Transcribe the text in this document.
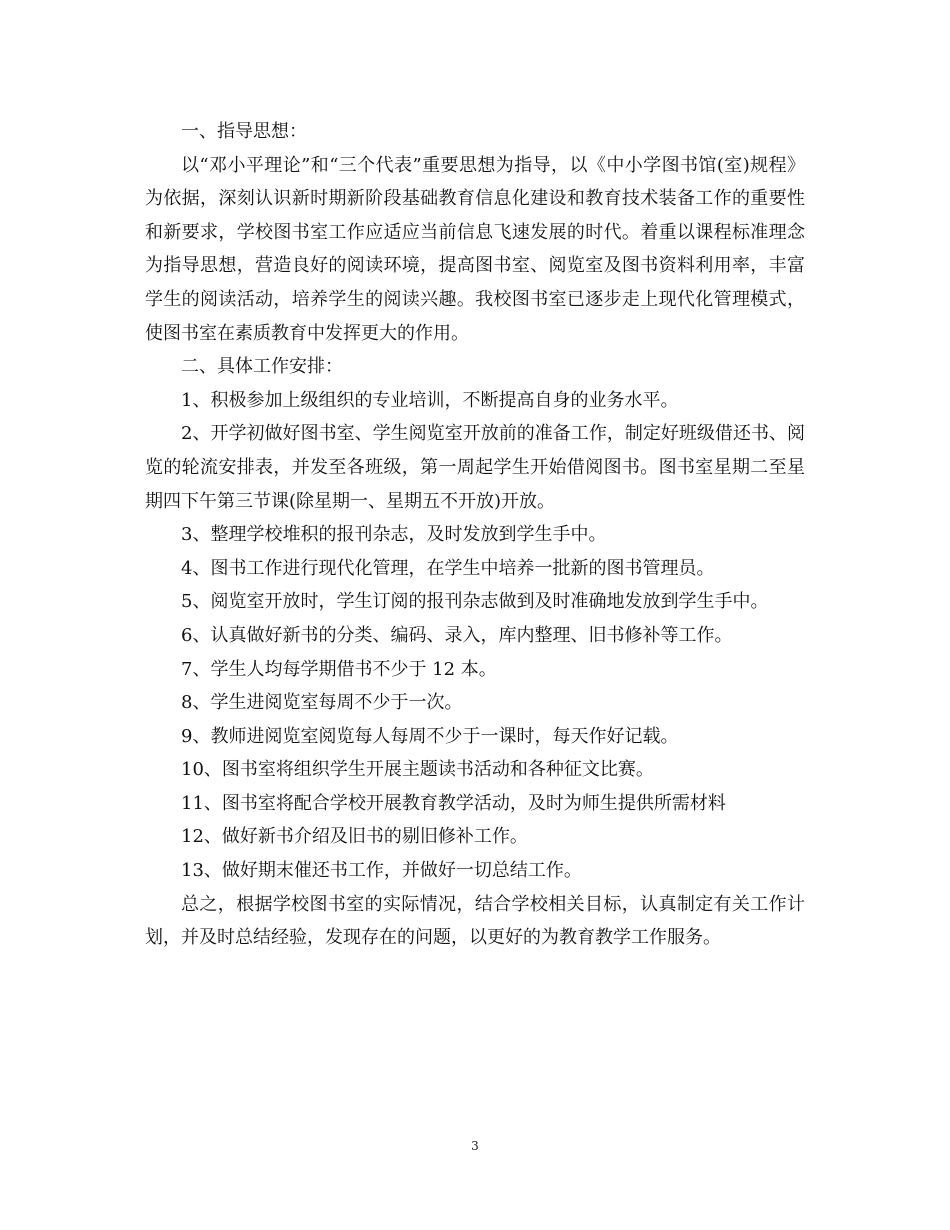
一、指导思想：

以“邓小平理论”和“三个代表”重要思想为指导，以《中小学图书馆(室)规程》为依据，深刻认识新时期新阶段基础教育信息化建设和教育技术装备工作的重要性和新要求，学校图书室工作应适应当前信息飞速发展的时代。着重以课程标准理念为指导思想，营造良好的阅读环境，提高图书室、阅览室及图书资料利用率，丰富学生的阅读活动，培养学生的阅读兴趣。我校图书室已逐步走上现代化管理模式，使图书室在素质教育中发挥更大的作用。

二、具体工作安排：

1、积极参加上级组织的专业培训，不断提高自身的业务水平。

2、开学初做好图书室、学生阅览室开放前的准备工作，制定好班级借还书、阅览的轮流安排表，并发至各班级，第一周起学生开始借阅图书。图书室星期二至星期四下午第三节课(除星期一、星期五不开放)开放。

3、整理学校堆积的报刊杂志，及时发放到学生手中。

4、图书工作进行现代化管理，在学生中培养一批新的图书管理员。

5、阅览室开放时，学生订阅的报刊杂志做到及时准确地发放到学生手中。

6、认真做好新书的分类、编码、录入，库内整理、旧书修补等工作。

7、学生人均每学期借书不少于 12 本。

8、学生进阅览室每周不少于一次。

9、教师进阅览室阅览每人每周不少于一课时，每天作好记载。

10、图书室将组织学生开展主题读书活动和各种征文比赛。

11、图书室将配合学校开展教育教学活动，及时为师生提供所需材料

12、做好新书介绍及旧书的剔旧修补工作。

13、做好期末催还书工作，并做好一切总结工作。

总之，根据学校图书室的实际情况，结合学校相关目标，认真制定有关工作计划，并及时总结经验，发现存在的问题，以更好的为教育教学工作服务。

3
